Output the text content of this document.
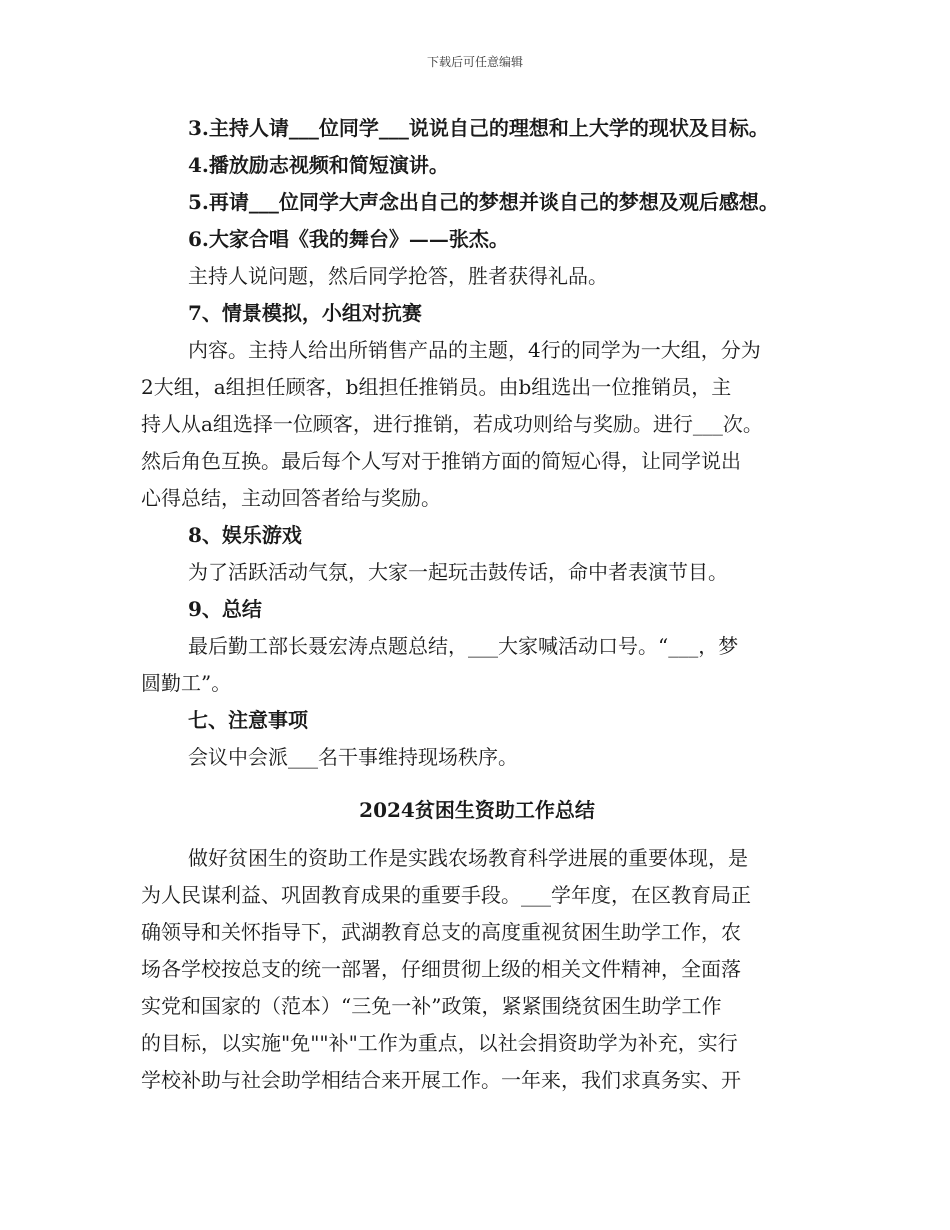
下载后可任意编辑
3.主持人请___位同学___说说自己的理想和上大学的现状及目标。
4.播放励志视频和简短演讲。
5.再请___位同学大声念出自己的梦想并谈自己的梦想及观后感想。
6.大家合唱《我的舞台》——张杰。
主持人说问题，然后同学抢答，胜者获得礼品。
7、情景模拟，小组对抗赛
内容。主持人给出所销售产品的主题，4行的同学为一大组，分为
2大组，a组担任顾客，b组担任推销员。由b组选出一位推销员，主
持人从a组选择一位顾客，进行推销，若成功则给与奖励。进行___次。
然后角色互换。最后每个人写对于推销方面的简短心得，让同学说出
心得总结，主动回答者给与奖励。
8、娱乐游戏
为了活跃活动气氛，大家一起玩击鼓传话，命中者表演节目。
9、总结
最后勤工部长聂宏涛点题总结，___大家喊活动口号。“___，梦
圆勤工”。
七、注意事项
会议中会派___名干事维持现场秩序。
2024贫困生资助工作总结
做好贫困生的资助工作是实践农场教育科学进展的重要体现，是
为人民谋利益、巩固教育成果的重要手段。___学年度，在区教育局正
确领导和关怀指导下，武湖教育总支的高度重视贫困生助学工作，农
场各学校按总支的统一部署，仔细贯彻上级的相关文件精神，全面落
实党和国家的（范本）“三免一补”政策，紧紧围绕贫困生助学工作
的目标，以实施"免""补"工作为重点，以社会捐资助学为补充，实行
学校补助与社会助学相结合来开展工作。一年来，我们求真务实、开
